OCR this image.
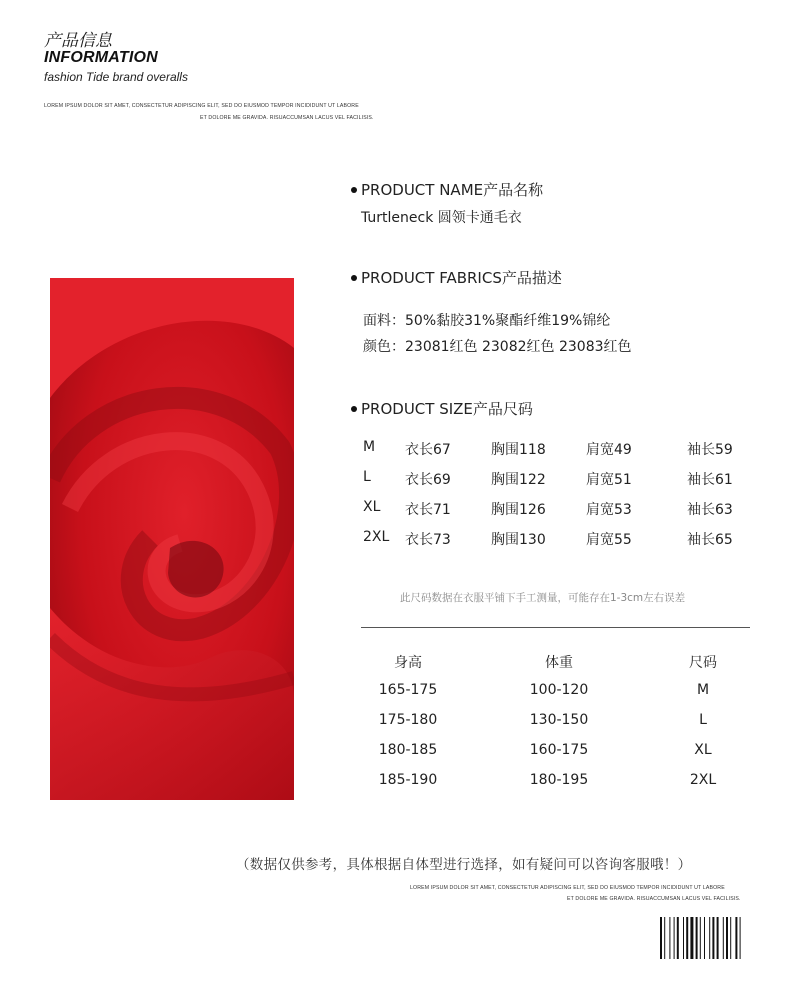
产品信息
INFORMATION
fashion Tide brand overalls
LOREM IPSUM DOLOR SIT AMET, CONSECTETUR ADIPISCING ELIT, SED DO EIUSMOD TEMPOR INCIDIDUNT UT LABORE
ET DOLORE ME GRAVIDA. RISUACCUMSAN LACUS VEL FACILISIS.
PRODUCT NAME产品名称
Turtleneck 圆领卡通毛衣
PRODUCT FABRICS产品描述
面料：50%黏胶31%聚酯纤维19%锦纶
颜色：23081红色 23082红色 23083红色
PRODUCT SIZE产品尺码
M 衣长67	胸围118	肩宽49	袖长59
L 衣长69	胸围122	肩宽51	袖长61
XL 衣长71	胸围126	肩宽53	袖长63
2XL 衣长73	胸围130	肩宽55	袖长65
此尺码数据在衣服平铺下手工测量，可能存在1-3cm左右误差
身高	体重	尺码
165-175	100-120	M
175-180	130-150	L
180-185	160-175	XL
185-190	180-195	2XL
（数据仅供参考，具体根据自体型进行选择，如有疑问可以咨询客服哦！）
LOREM IPSUM DOLOR SIT AMET, CONSECTETUR ADIPISCING ELIT, SED DO EIUSMOD TEMPOR INCIDIDUNT UT LABORE
ET DOLORE ME GRAVIDA. RISUACCUMSAN LACUS VEL FACILISIS.
